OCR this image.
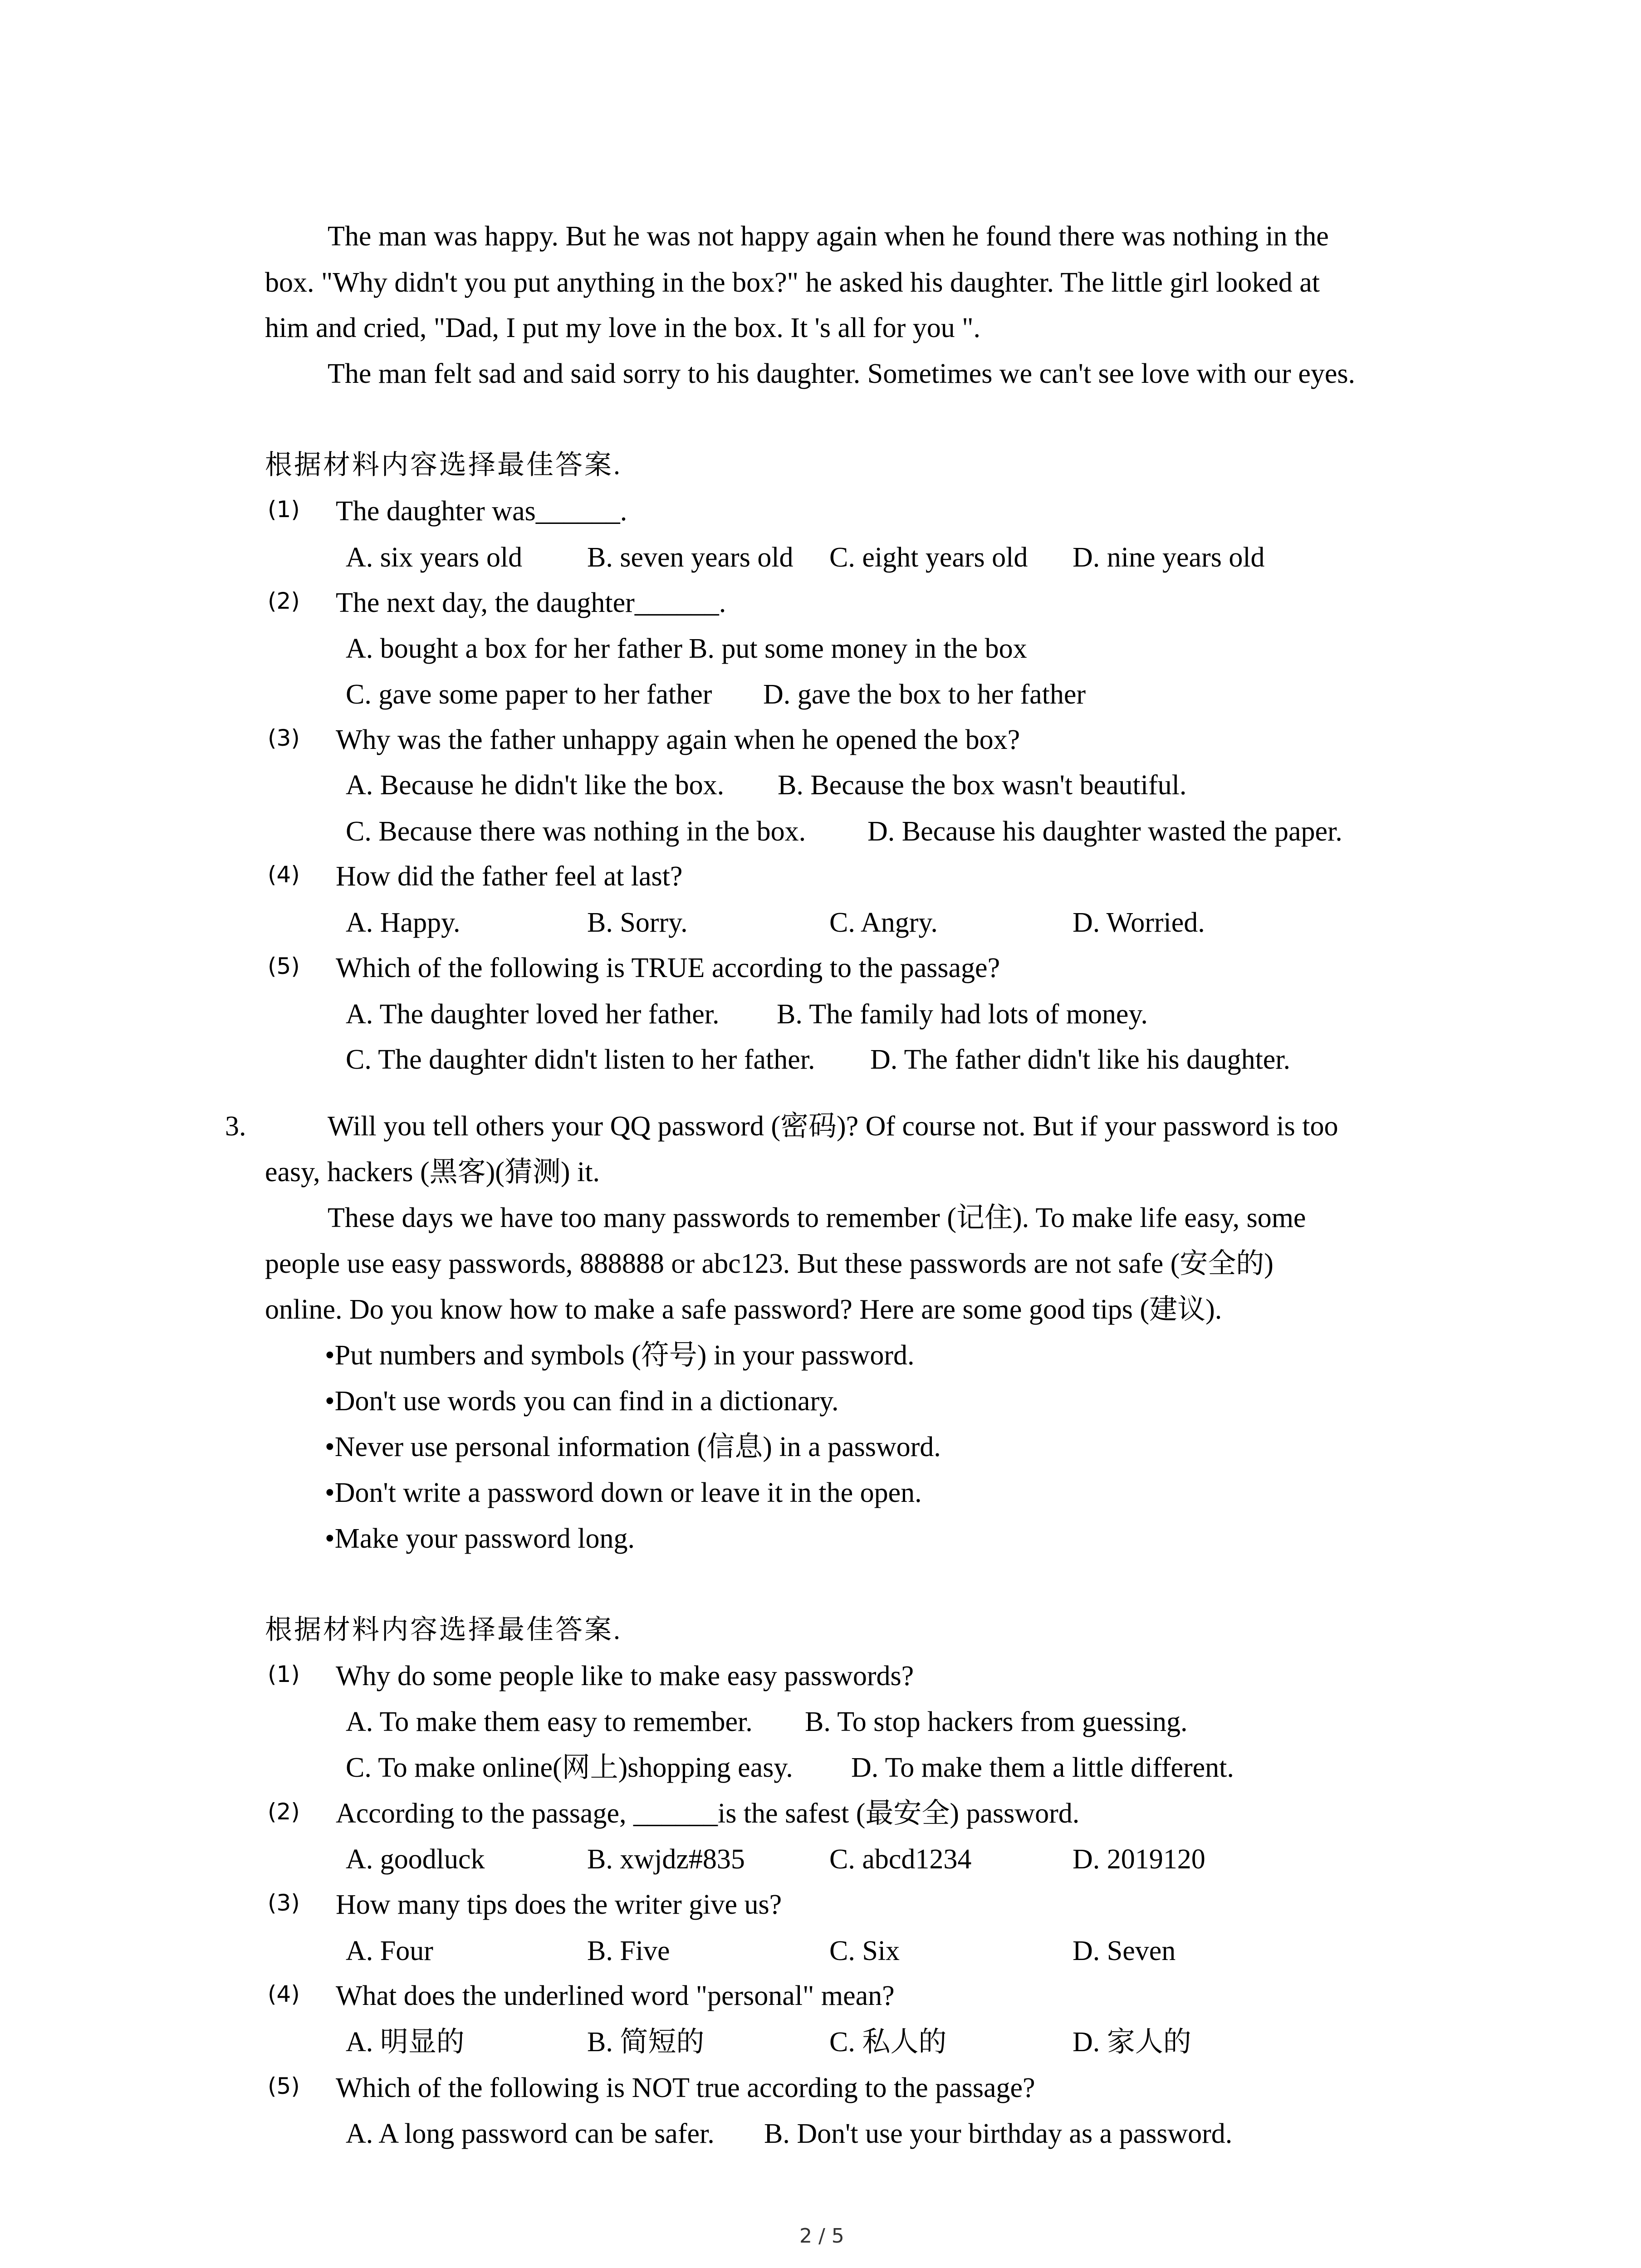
The man was happy. But he was not happy again when he found there was nothing in the
box. "Why didn't you put anything in the box?" he asked his daughter. The little girl looked at
him and cried, "Dad, I put my love in the box. It 's all for you ".
The man felt sad and said sorry to his daughter. Sometimes we can't see love with our eyes.
根据材料内容选择最佳答案.
(1) The daughter was______.
A. six years old B. seven years old C. eight years old D. nine years old
(2) The next day, the daughter______.
A. bought a box for her father B. put some money in the box
C. gave some paper to her father D. gave the box to her father
(3) Why was the father unhappy again when he opened the box?
A. Because he didn't like the box. B. Because the box wasn't beautiful.
C. Because there was nothing in the box. D. Because his daughter wasted the paper.
(4) How did the father feel at last?
A. Happy.	B. Sorry.	C. Angry.	D. Worried.
(5) Which of the following is TRUE according to the passage?
A. The daughter loved her father. B. The family had lots of money.
C. The daughter didn't listen to her father. D. The father didn't like his daughter.
3.	Will you tell others your QQ password (密码)? Of course not. But if your password is too
easy, hackers (黑客)(猜测) it.
These days we have too many passwords to remember (记住). To make life easy, some
people use easy passwords, 888888 or abc123. But these passwords are not safe (安全的)
online. Do you know how to make a safe password? Here are some good tips (建议).
•Put numbers and symbols (符号) in your password.
•Don't use words you can find in a dictionary.
•Never use personal information (信息) in a password.
•Don't write a password down or leave it in the open.
•Make your password long.
根据材料内容选择最佳答案.
(1) Why do some people like to make easy passwords?
A. To make them easy to remember. B. To stop hackers from guessing.
C. To make online(网上)shopping easy. D. To make them a little different.
(2) According to the passage, ______is the safest (最安全) password.
A. goodluck	B. xwjdz#835	C. abcd1234	D. 2019120
(3) How many tips does the writer give us?
A. Four	B. Five	C. Six	D. Seven
(4) What does the underlined word "personal" mean?
A. 明显的	B. 简短的	C. 私人的	D. 家人的
(5) Which of the following is NOT true according to the passage?
A. A long password can be safer. B. Don't use your birthday as a password.
2 / 5
